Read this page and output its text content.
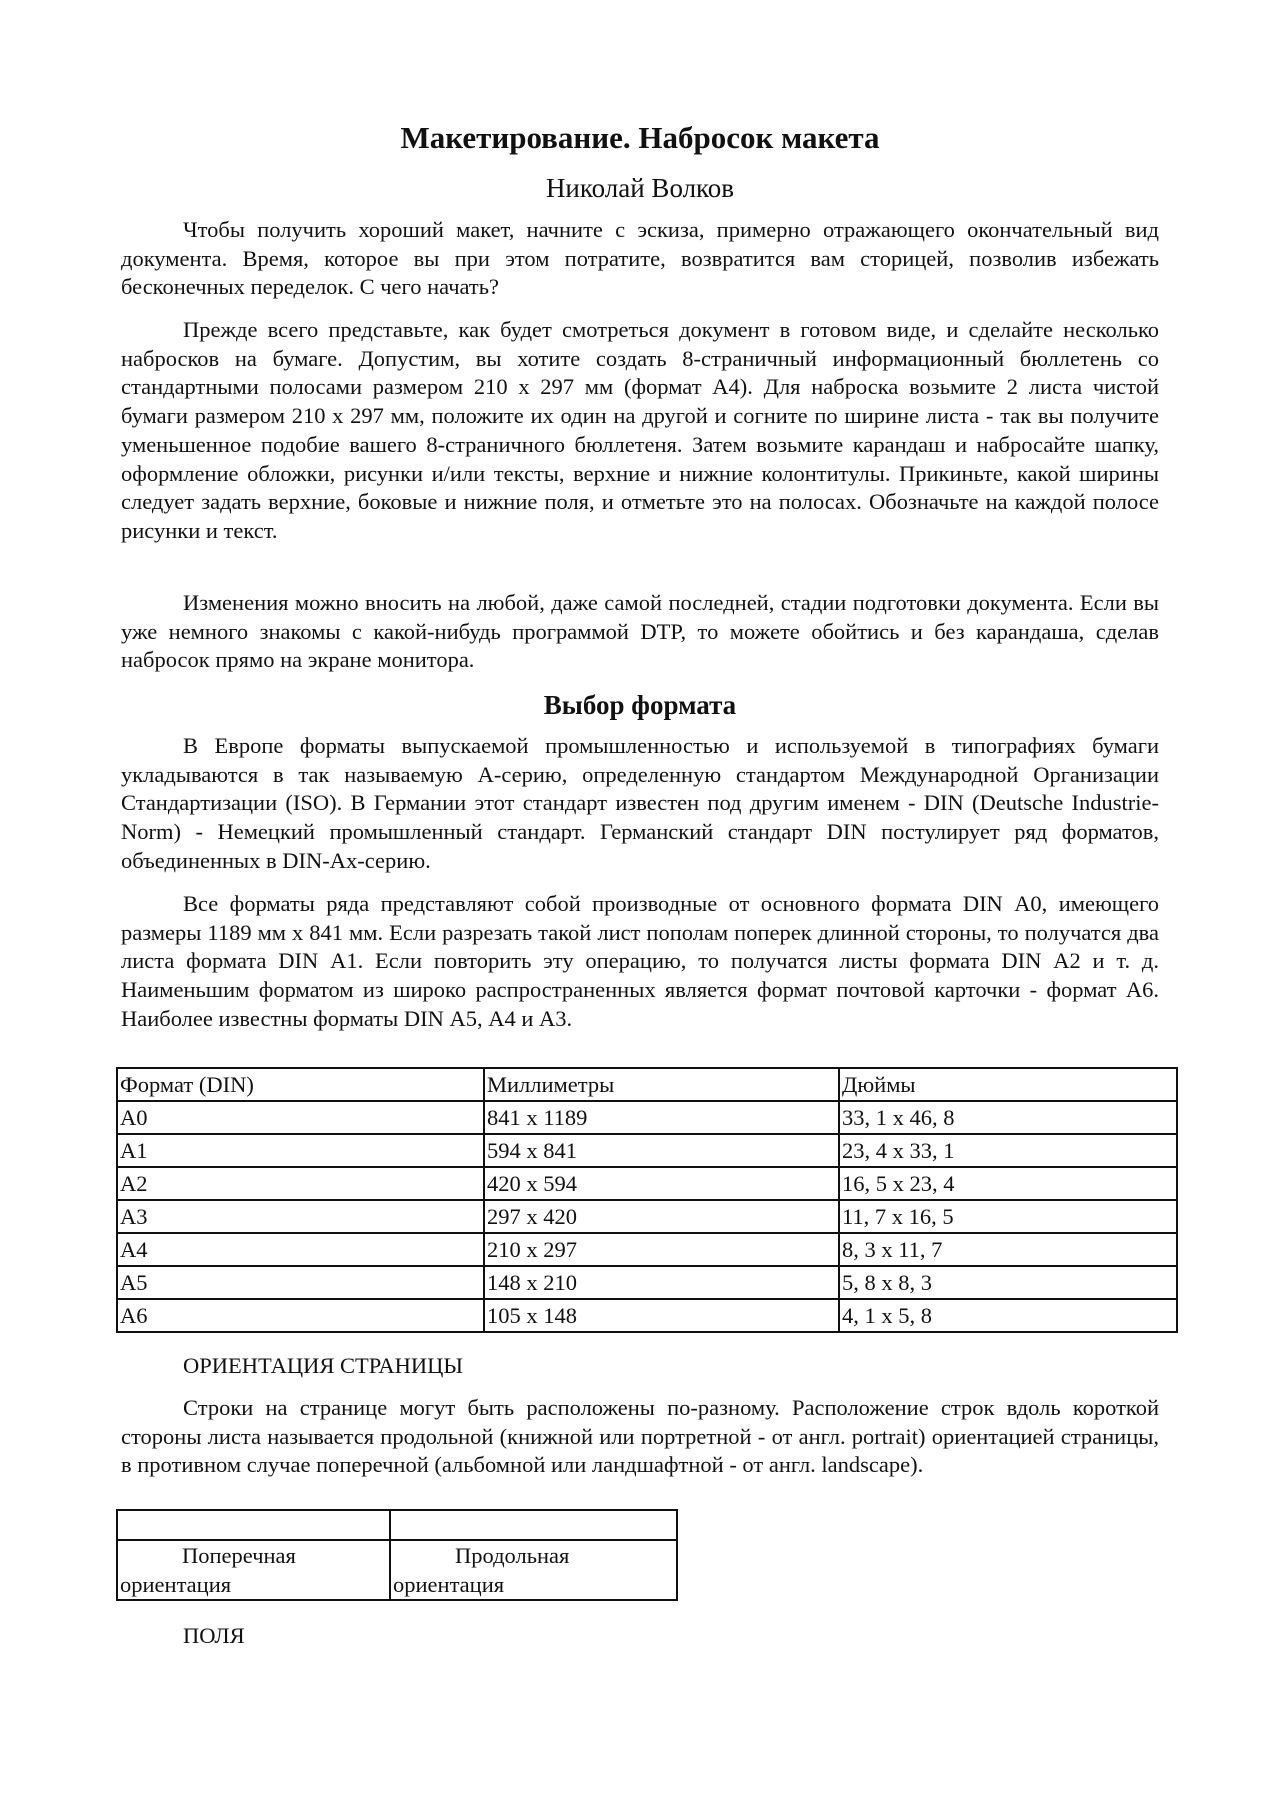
Макетирование. Набросок макета
Николай Волков

Чтобы получить хороший макет, начните с эскиза, примерно отражающего окончательный вид документа. Время, которое вы при этом потратите, возвратится вам сторицей, позволив избежать бесконечных переделок. С чего начать?

Прежде всего представьте, как будет смотреться документ в готовом виде, и сделайте несколько набросков на бумаге. Допустим, вы хотите создать 8-страничный информационный бюллетень со стандартными полосами размером 210 x 297 мм (формат А4). Для наброска возьмите 2 листа чистой бумаги размером 210 x 297 мм, положите их один на другой и согните по ширине листа - так вы получите уменьшенное подобие вашего 8-страничного бюллетеня. Затем возьмите карандаш и набросайте шапку, оформление обложки, рисунки и/или тексты, верхние и нижние колонтитулы. Прикиньте, какой ширины следует задать верхние, боковые и нижние поля, и отметьте это на полосах. Обозначьте на каждой полосе рисунки и текст.

Изменения можно вносить на любой, даже самой последней, стадии подготовки документа. Если вы уже немного знакомы с какой-нибудь программой DTP, то можете обойтись и без карандаша, сделав набросок прямо на экране монитора.

Выбор формата

В Европе форматы выпускаемой промышленностью и используемой в типографиях бумаги укладываются в так называемую А-серию, определенную стандартом Международной Организации Стандартизации (ISO). В Германии этот стандарт известен под другим именем - DIN (Deutsche Industrie-Norm) - Немецкий промышленный стандарт. Германский стандарт DIN постулирует ряд форматов, объединенных в DIN-Ах-серию.

Все форматы ряда представляют собой производные от основного формата DIN А0, имеющего размеры 1189 мм x 841 мм. Если разрезать такой лист пополам поперек длинной стороны, то получатся два листа формата DIN А1. Если повторить эту операцию, то получатся листы формата DIN А2 и т. д. Наименьшим форматом из широко распространенных является формат почтовой карточки - формат А6. Наиболее известны форматы DIN А5, А4 и А3.

Формат (DIN)	Миллиметры	Дюймы
А0	841 x 1189	33, 1 x 46, 8
А1	594 x 841	23, 4 x 33, 1
А2	420 x 594	16, 5 x 23, 4
А3	297 x 420	11, 7 x 16, 5
А4	210 x 297	8, 3 x 11, 7
А5	148 x 210	5, 8 x 8, 3
А6	105 x 148	4, 1 x 5, 8
ОРИЕНТАЦИЯ СТРАНИЦЫ

Строки на странице могут быть расположены по-разному. Расположение строк вдоль короткой стороны листа называется продольной (книжной или портретной - от англ. portrait) ориентацией страницы, в противном случае поперечной (альбомной или ландшафтной - от англ. landscape).

Поперечная ориентация	Продольная ориентация
ПОЛЯ
